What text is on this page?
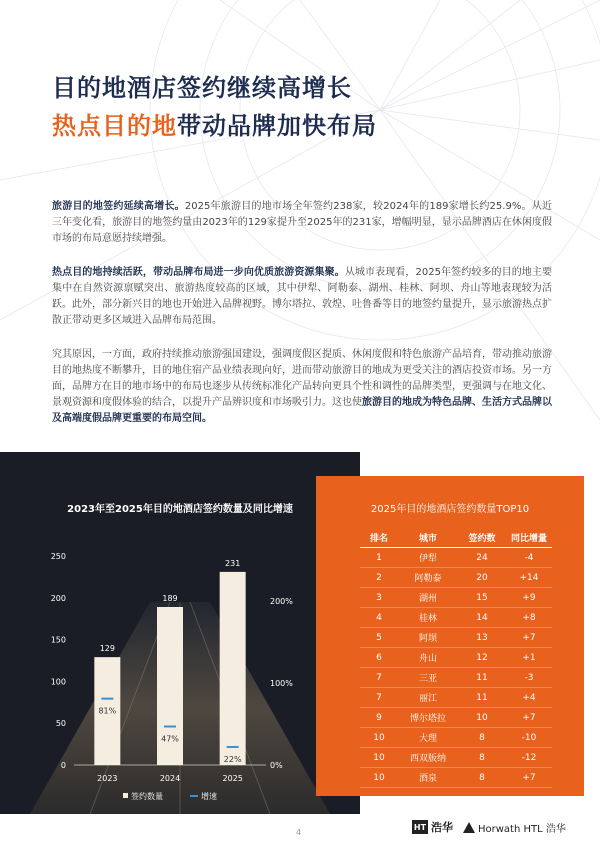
目的地酒店签约继续高增长
热点目的地带动品牌加快布局
旅游目的地签约延续高增长。2025年旅游目的地市场全年签约238家，较2024年的189家增长约25.9%。从近三年变化看，旅游目的地签约量由2023年的129家提升至2025年的231家，增幅明显，显示品牌酒店在休闲度假市场的布局意愿持续增强。
热点目的地持续活跃，带动品牌布局进一步向优质旅游资源集聚。从城市表现看，2025年签约较多的目的地主要集中在自然资源禀赋突出、旅游热度较高的区域，其中伊犁、阿勒泰、湖州、桂林、阿坝、舟山等地表现较为活跃。此外，部分新兴目的地也开始进入品牌视野。博尔塔拉、敦煌、吐鲁番等目的地签约量提升，显示旅游热点扩散正带动更多区域进入品牌布局范围。
究其原因，一方面，政府持续推动旅游强国建设，强调度假区提质、休闲度假和特色旅游产品培育，带动推动旅游目的地热度不断攀升，目的地住宿产品业绩表现向好，进而带动旅游目的地成为更受关注的酒店投资市场。另一方面，品牌方在目的地市场中的布局也逐步从传统标准化产品转向更具个性和调性的品牌类型，更强调与在地文化、景观资源和度假体验的结合，以提升产品辨识度和市场吸引力。这也使旅游目的地成为特色品牌、生活方式品牌以及高端度假品牌更重要的布局空间。
2023年至2025年目的地酒店签约数量及同比增速
0
50
100
150
200
250
0%
100%
200%
129
2023
81%
189
2024
47%
231
2025
22%
签约数量	增速
2025年目的地酒店签约数量TOP10
排名	城市	签约数	同比增量
1	伊犁	24	-4
2	阿勒泰	20	+14
3	湖州	15	+9
4	桂林	14	+8
5	阿坝	13	+7
6	舟山	12	+1
7	三亚	11	-3
7	丽江	11	+4
9	博尔塔拉	10	+7
10	大理	8	-10
10	西双版纳	8	-12
10	酒泉	8	+7
4
HT 浩华	Horwath HTL 浩华
